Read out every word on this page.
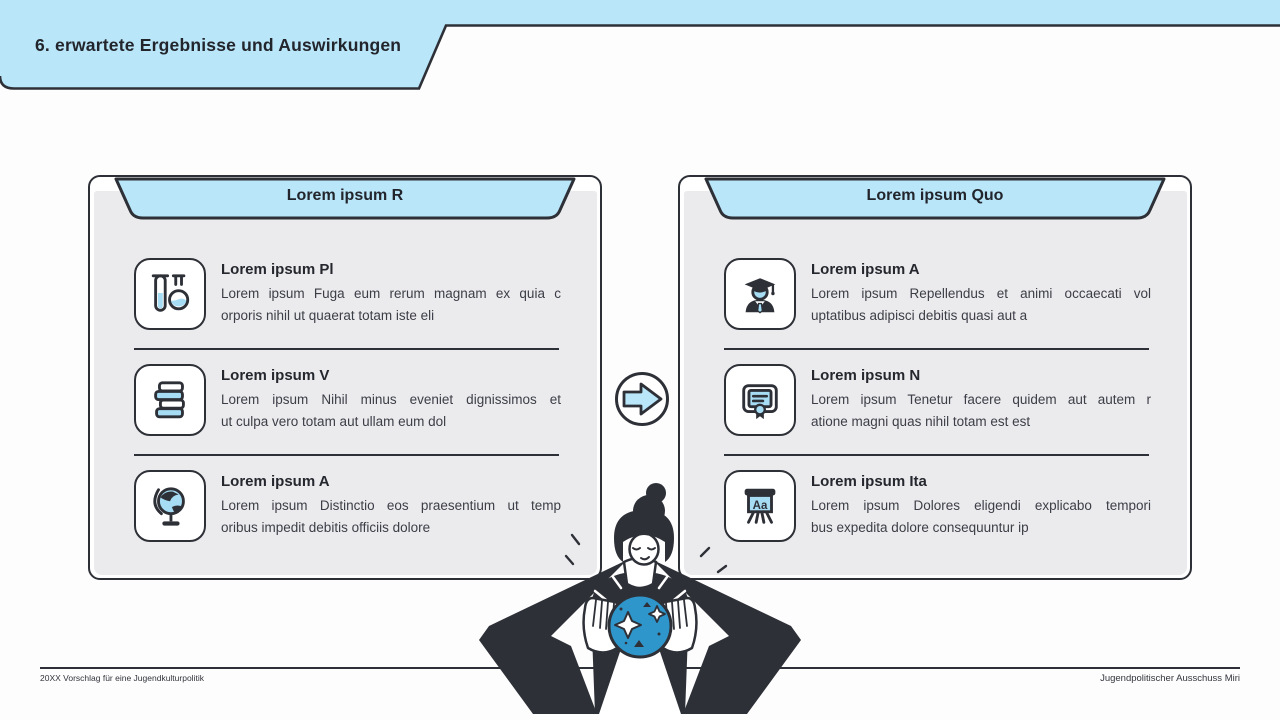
6. erwartete Ergebnisse und Auswirkungen
Lorem ipsum R
Lorem ipsum Pl
Lorem ipsum Fuga eum rerum magnam ex quia c
orporis nihil ut quaerat totam iste eli
Lorem ipsum V
Lorem ipsum Nihil minus eveniet dignissimos et
ut culpa vero totam aut ullam eum dol
Lorem ipsum A
Lorem ipsum Distinctio eos praesentium ut temp
oribus impedit debitis officiis dolore
Lorem ipsum Quo
Lorem ipsum A
Lorem ipsum Repellendus et animi occaecati vol
uptatibus adipisci debitis quasi aut a
Lorem ipsum N
Lorem ipsum Tenetur facere quidem aut autem r
atione magni quas nihil totam est est
Aa
Lorem ipsum Ita
Lorem ipsum Dolores eligendi explicabo tempori
bus expedita dolore consequuntur ip
20XX Vorschlag für eine Jugendkulturpolitik	Jugendpolitischer Ausschuss Miri
